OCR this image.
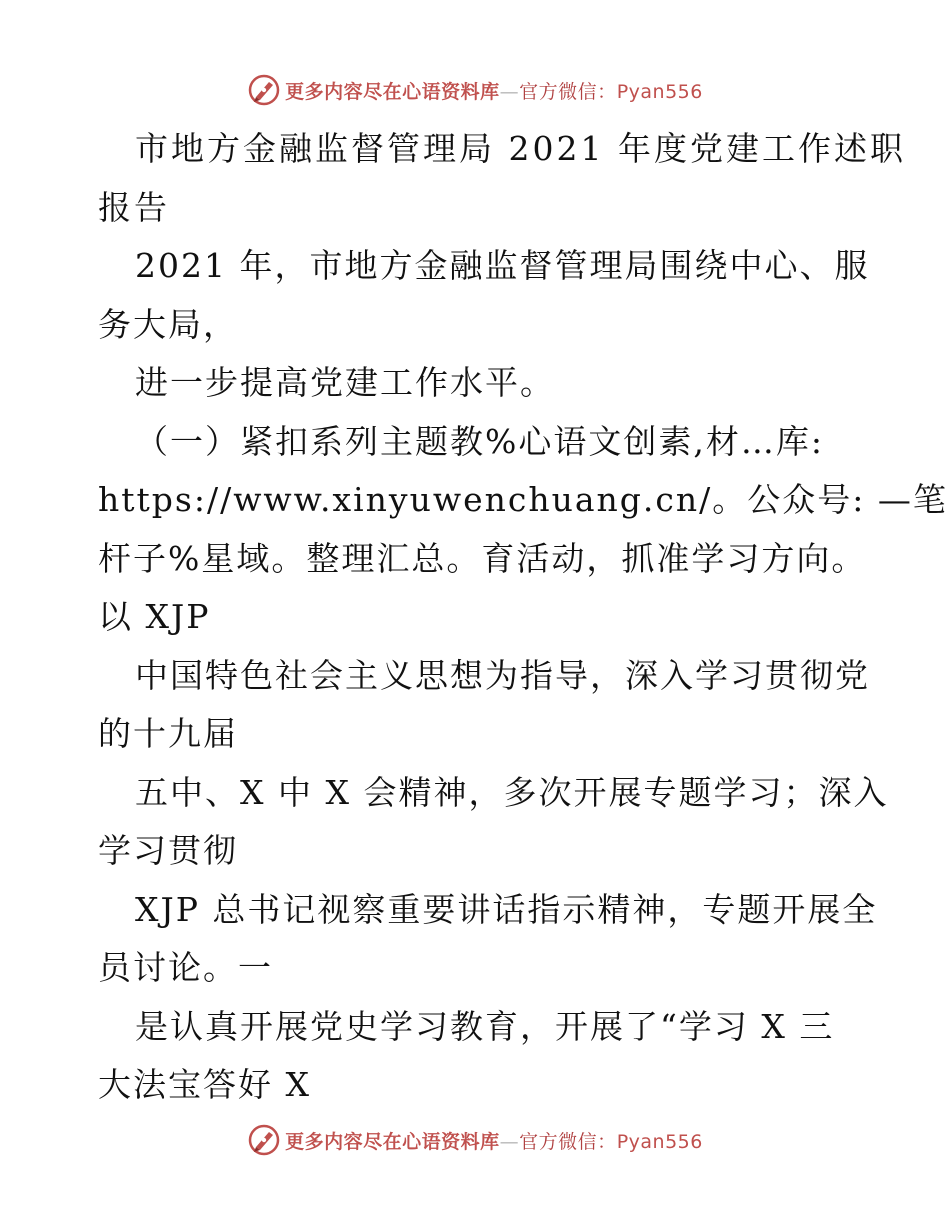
更多内容尽在心语资料库—官方微信：Pyan556
市地方金融监督管理局 2021 年度党建工作述职
报告
2021 年，市地方金融监督管理局围绕中心、服
务大局，
进一步提高党建工作水平。
（一）紧扣系列主题教%心语文创素,材…库:
https://www.xinyuwenchuang.cn/。公众号: —笔
杆子%星域。整理汇总。育活动，抓准学习方向。
以 XJP
中国特色社会主义思想为指导，深入学习贯彻党
的十九届
五中、X 中 X 会精神，多次开展专题学习；深入
学习贯彻
XJP 总书记视察重要讲话指示精神，专题开展全
员讨论。一
是认真开展党史学习教育，开展了“学习 X 三
大法宝答好 X
更多内容尽在心语资料库—官方微信：Pyan556
